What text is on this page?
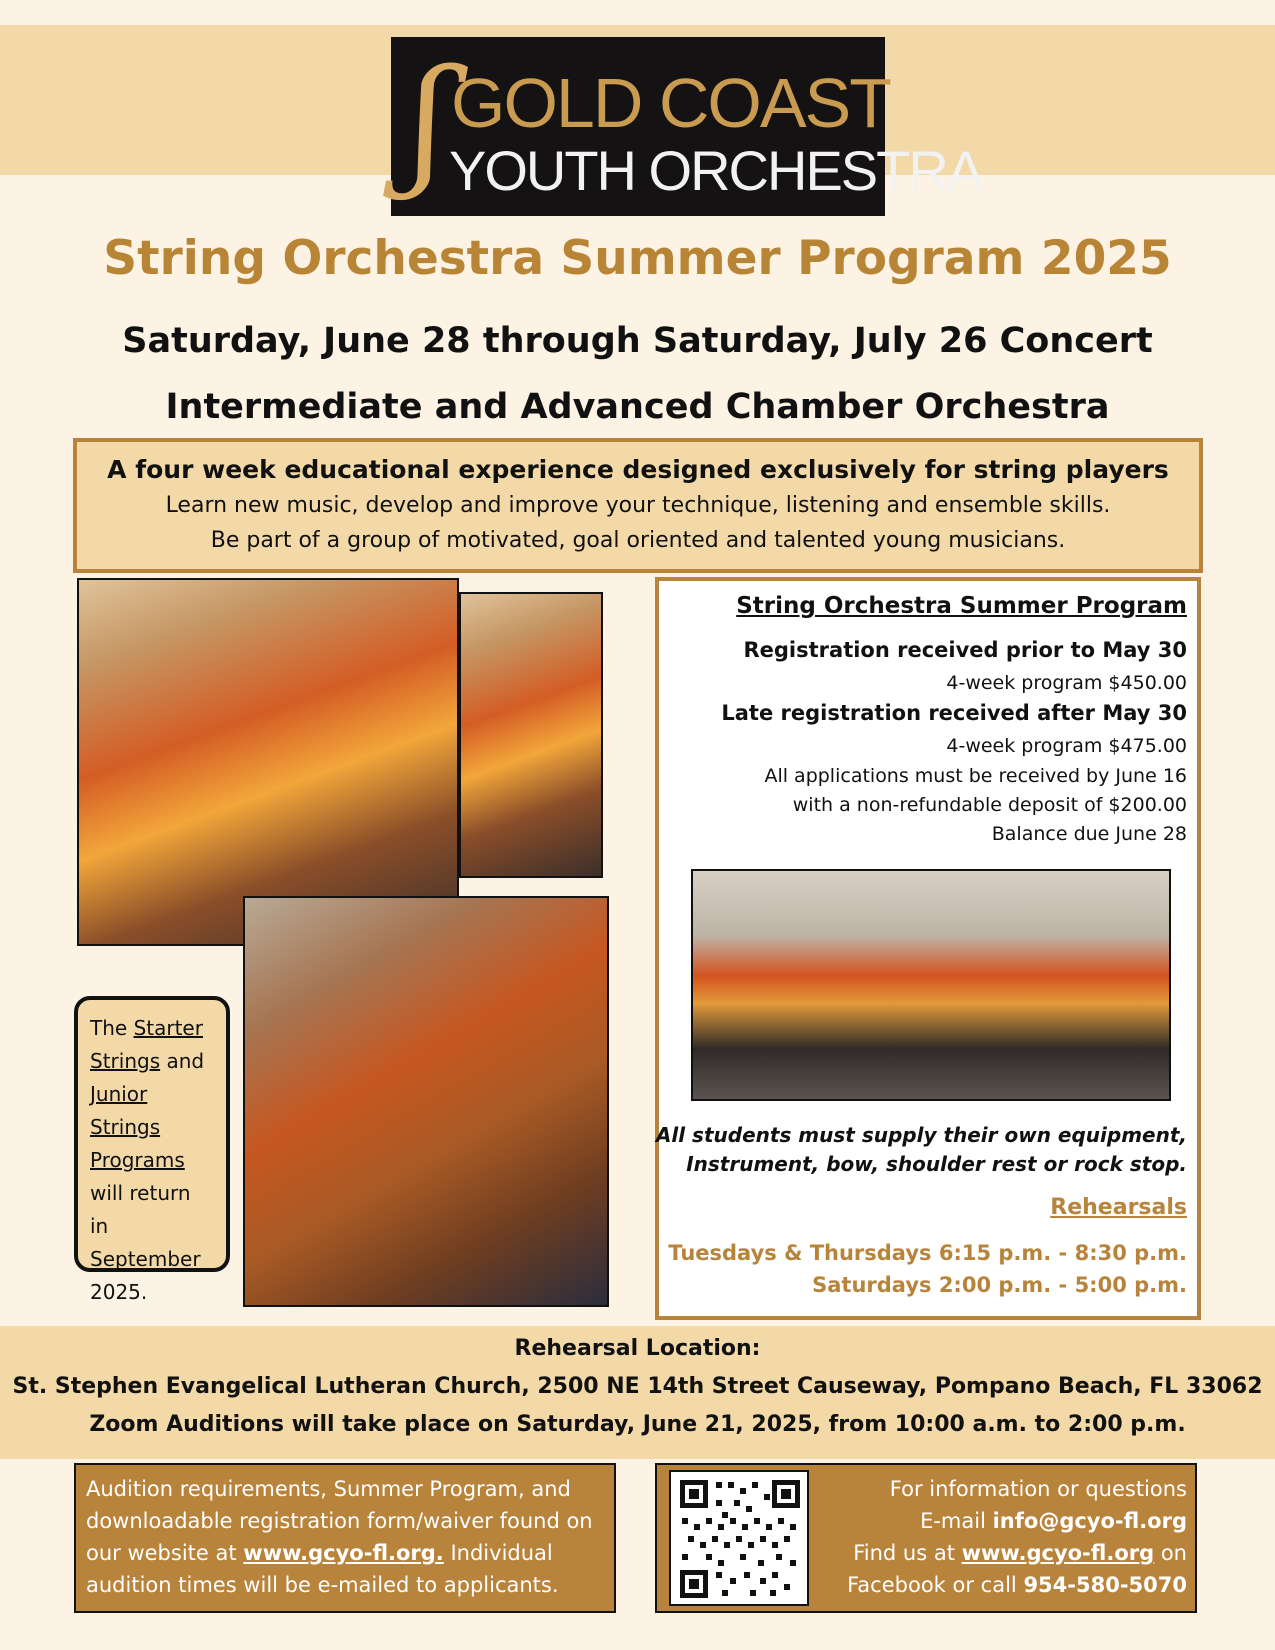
ʃ GOLD COAST
YOUTH ORCHESTRA
String Orchestra Summer Program 2025
Saturday, June 28 through Saturday, July 26 Concert
Intermediate and Advanced Chamber Orchestra
A four week educational experience designed exclusively for string players
Learn new music, develop and improve your technique, listening and ensemble skills.
Be part of a group of motivated, goal oriented and talented young musicians.
The Starter Strings and Junior Strings Programs will return in September 2025.
String Orchestra Summer Program
Registration received prior to May 30
4-week program $450.00
Late registration received after May 30
4-week program $475.00
All applications must be received by June 16
with a non-refundable deposit of $200.00
Balance due June 28
All students must supply their own equipment,
Instrument, bow, shoulder rest or rock stop.
Rehearsals
Tuesdays & Thursdays 6:15 p.m. - 8:30 p.m.
Saturdays 2:00 p.m. - 5:00 p.m.
Rehearsal Location:
St. Stephen Evangelical Lutheran Church, 2500 NE 14th Street Causeway, Pompano Beach, FL 33062
Zoom Auditions will take place on Saturday, June 21, 2025, from 10:00 a.m. to 2:00 p.m.
Audition requirements, Summer Program, and downloadable registration form/waiver found on our website at www.gcyo-fl.org. Individual audition times will be e-mailed to applicants.
For information or questions
E-mail info@gcyo-fl.org
Find us at www.gcyo-fl.org on
Facebook or call 954-580-5070
